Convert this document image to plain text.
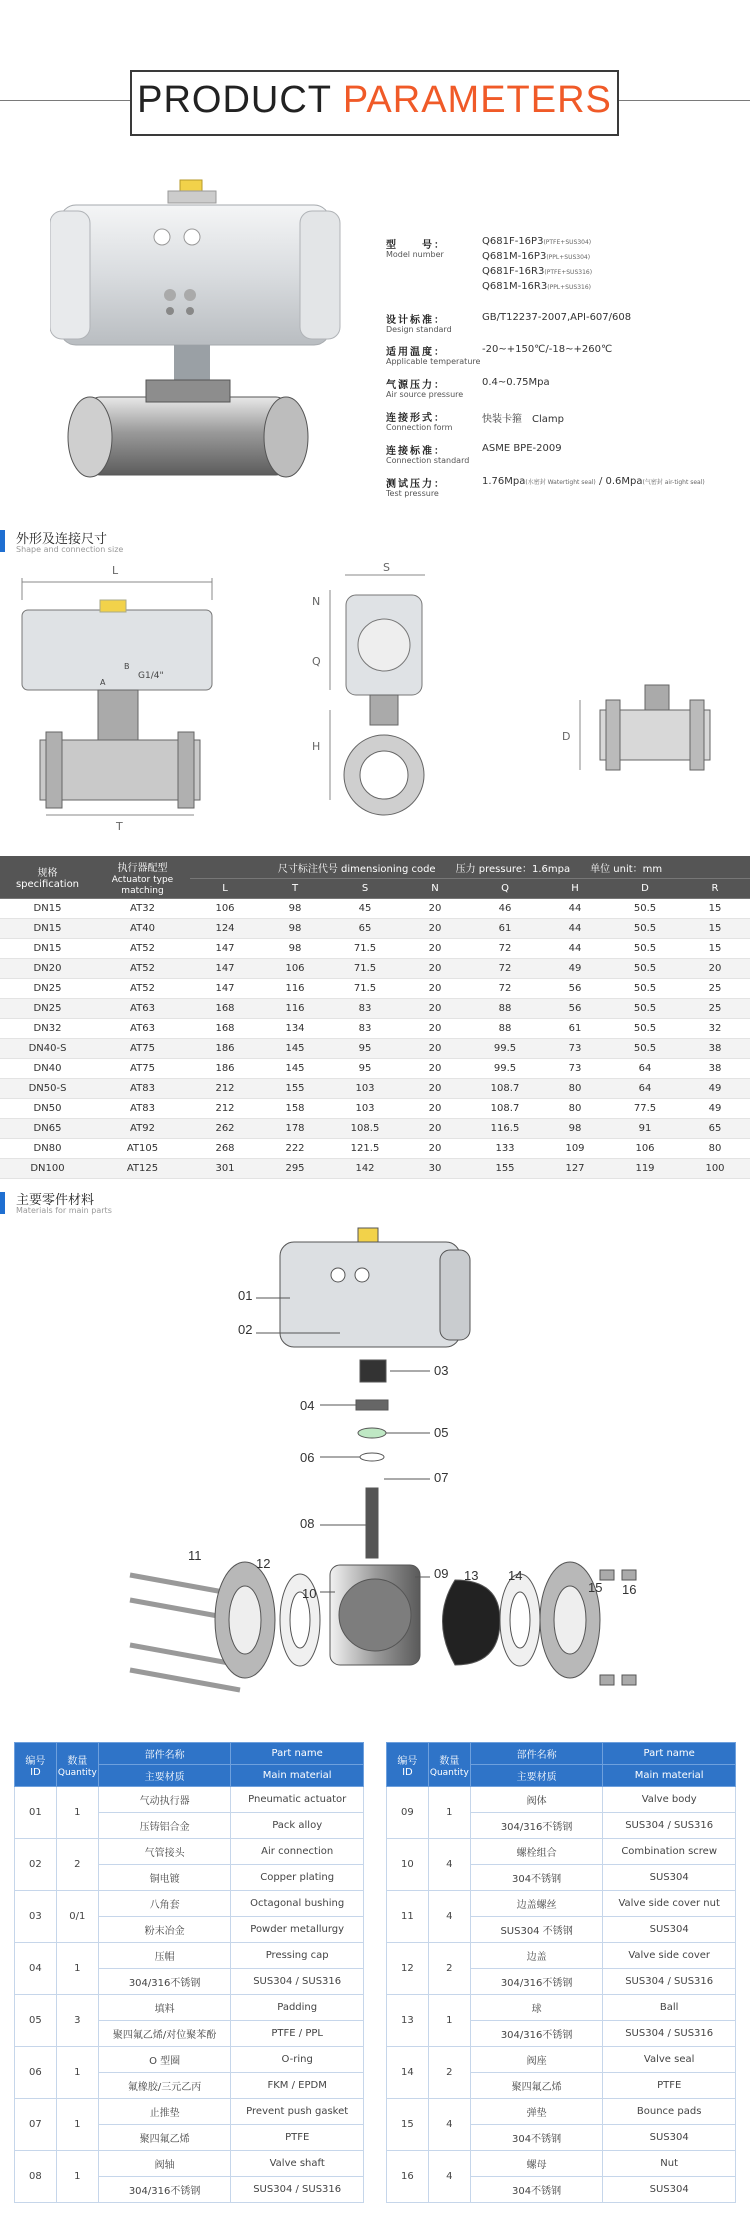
PRODUCT PARAMETERS
型　　号：
Model number
Q681F-16P3(PTFE+SUS304)
Q681M-16P3(PPL+SUS304)
Q681F-16R3(PTFE+SUS316)
Q681M-16R3(PPL+SUS316)
设计标准：
Design standard
GB/T12237-2007,API-607/608
适用温度：
Applicable temperature
-20~+150℃/-18~+260℃
气源压力：
Air source pressure
0.4~0.75Mpa
连接形式：
Connection form
快装卡箍　Clamp
连接标准：
Connection standard
ASME BPE-2009
测试压力：
Test pressure
1.76Mpa(水密封 Watertight seal) / 0.6Mpa(气密封 air-tight seal)
外形及连接尺寸
Shape and connection size
L	S
N
Q
H
D
T
G1/4"
A
B
规格
specification	执行器配型
Actuator type matching	尺寸标注代号 dimensioning code　　 压力 pressure：1.6mpa　　 单位 unit：mm							
		L	T	S	N	Q	H	D	R
DN15	AT32	106	98	45	20	46	44	50.5	15
DN15	AT40	124	98	65	20	61	44	50.5	15
DN15	AT52	147	98	71.5	20	72	44	50.5	15
DN20	AT52	147	106	71.5	20	72	49	50.5	20
DN25	AT52	147	116	71.5	20	72	56	50.5	25
DN25	AT63	168	116	83	20	88	56	50.5	25
DN32	AT63	168	134	83	20	88	61	50.5	32
DN40-S	AT75	186	145	95	20	99.5	73	50.5	38
DN40	AT75	186	145	95	20	99.5	73	64	38
DN50-S	AT83	212	155	103	20	108.7	80	64	49
DN50	AT83	212	158	103	20	108.7	80	77.5	49
DN65	AT92	262	178	108.5	20	116.5	98	91	65
DN80	AT105	268	222	121.5	20	133	109	106	80
DN100	AT125	301	295	142	30	155	127	119	100
主要零件材料
Materials for main parts
01
02
03
04
05
06
07
08
09
10
11
12
13 14
15 16
编号
ID	数量
Quantity	部件名称	Part name
		主要材质	Main material
01	1	气动执行器	Pneumatic actuator
		压铸铝合金	Pack alloy
02	2	气管接头	Air connection
		铜电镀	Copper plating
03	0/1	八角套	Octagonal bushing
		粉末冶金	Powder metallurgy
04	1	压帽	Pressing cap
		304/316不锈钢	SUS304 / SUS316
05	3	填料	Padding
		聚四氟乙烯/对位聚苯酚	PTFE / PPL
06	1	O 型圈	O-ring
		氟橡胶/三元乙丙	FKM / EPDM
07	1	止推垫	Prevent push gasket
		聚四氟乙烯	PTFE
08	1	阀轴	Valve shaft
		304/316不锈钢	SUS304 / SUS316
编号
ID	数量
Quantity	部件名称	Part name
		主要材质	Main material
09	1	阀体	Valve body
		304/316不锈钢	SUS304 / SUS316
10	4	螺栓组合	Combination screw
		304不锈钢	SUS304
11	4	边盖螺丝	Valve side cover nut
		SUS304 不锈钢	SUS304
12	2	边盖	Valve side cover
		304/316不锈钢	SUS304 / SUS316
13	1	球	Ball
		304/316不锈钢	SUS304 / SUS316
14	2	阀座	Valve seal
		聚四氟乙烯	PTFE
15	4	弹垫	Bounce pads
		304不锈钢	SUS304
16	4	螺母	Nut
		304不锈钢	SUS304
